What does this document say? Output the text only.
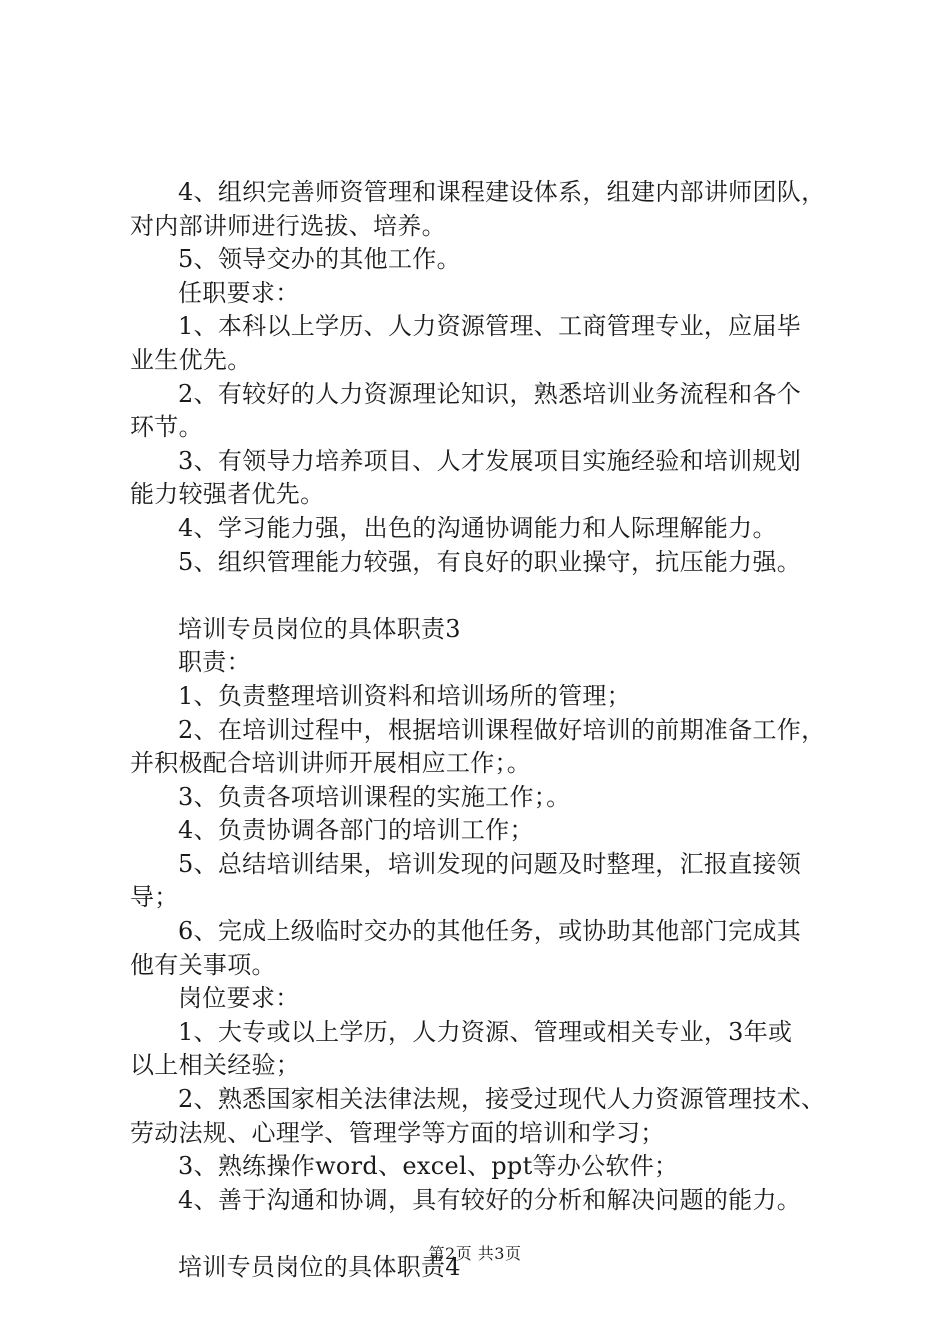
4、组织完善师资管理和课程建设体系，组建内部讲师团队，
对内部讲师进行选拔、培养。
5、领导交办的其他工作。
任职要求：
1、本科以上学历、人力资源管理、工商管理专业，应届毕
业生优先。
2、有较好的人力资源理论知识，熟悉培训业务流程和各个
环节。
3、有领导力培养项目、人才发展项目实施经验和培训规划
能力较强者优先。
4、学习能力强，出色的沟通协调能力和人际理解能力。
5、组织管理能力较强，有良好的职业操守，抗压能力强。
培训专员岗位的具体职责3
职责：
1、负责整理培训资料和培训场所的管理；
2、在培训过程中，根据培训课程做好培训的前期准备工作，
并积极配合培训讲师开展相应工作；。
3、负责各项培训课程的实施工作；。
4、负责协调各部门的培训工作；
5、总结培训结果，培训发现的问题及时整理，汇报直接领
导；
6、完成上级临时交办的其他任务，或协助其他部门完成其
他有关事项。
岗位要求：
1、大专或以上学历，人力资源、管理或相关专业，3年或
以上相关经验；
2、熟悉国家相关法律法规，接受过现代人力资源管理技术、
劳动法规、心理学、管理学等方面的培训和学习；
3、熟练操作word、excel、ppt等办公软件；
4、善于沟通和协调，具有较好的分析和解决问题的能力。
培训专员岗位的具体职责4
第2页 共3页
